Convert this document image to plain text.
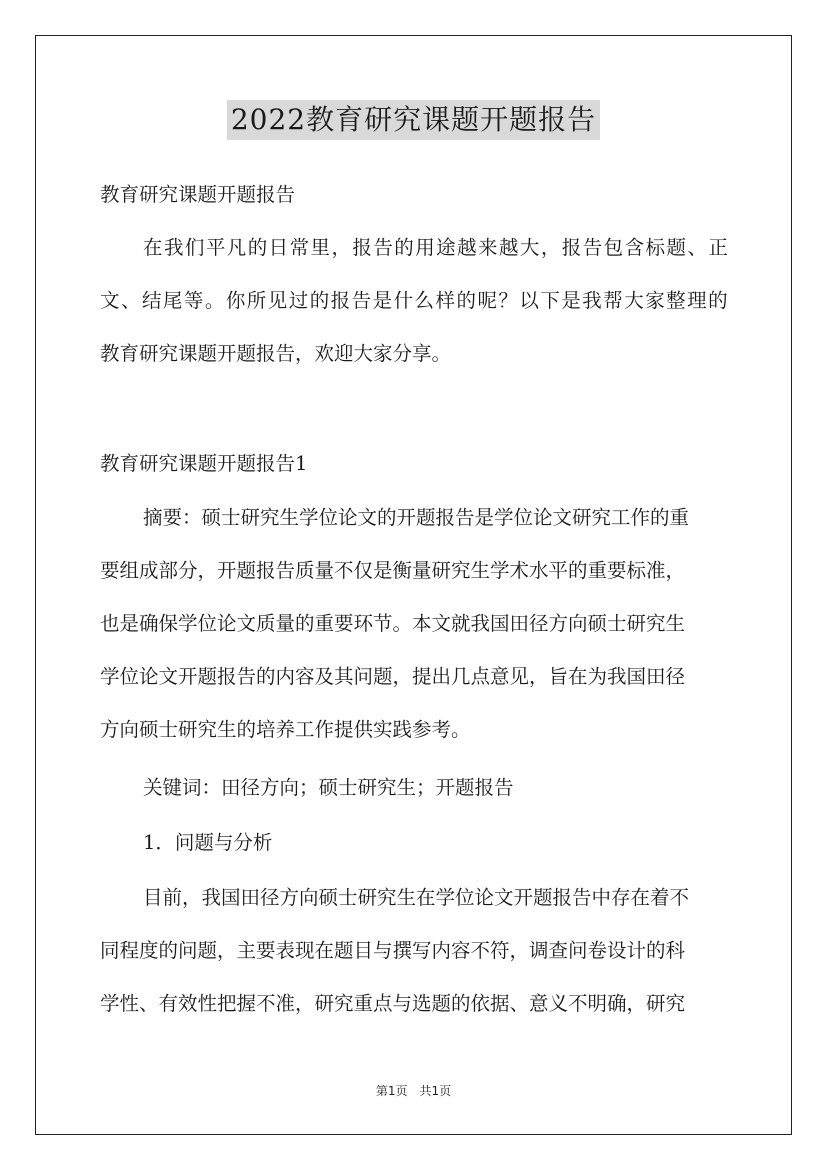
2022教育研究课题开题报告
教育研究课题开题报告
在 我 们 平 凡 的 日 常 里 ， 报 告 的 用 途 越 来 越 大 ， 报 告 包 含 标 题 、 正
文 、 结 尾 等 。 你 所 见 过 的 报 告 是 什 么 样 的 呢 ？ 以 下 是 我 帮 大 家 整 理 的
教育研究课题开题报告，欢迎大家分享。
教育研究课题开题报告1
摘要：硕士研究生学位论文的开题报告是学位论文研究工作的重
要组成部分，开题报告质量不仅是衡量研究生学术水平的重要标准，
也是确保学位论文质量的重要环节。本文就我国田径方向硕士研究生
学位论文开题报告的内容及其问题，提出几点意见，旨在为我国田径
方向硕士研究生的培养工作提供实践参考。
关键词：田径方向；硕士研究生；开题报告
1．问题与分析
目前，我国田径方向硕士研究生在学位论文开题报告中存在着不
同程度的问题，主要表现在题目与撰写内容不符，调查问卷设计的科
学性、有效性把握不准，研究重点与选题的依据、意义不明确，研究
第1页　共1页
